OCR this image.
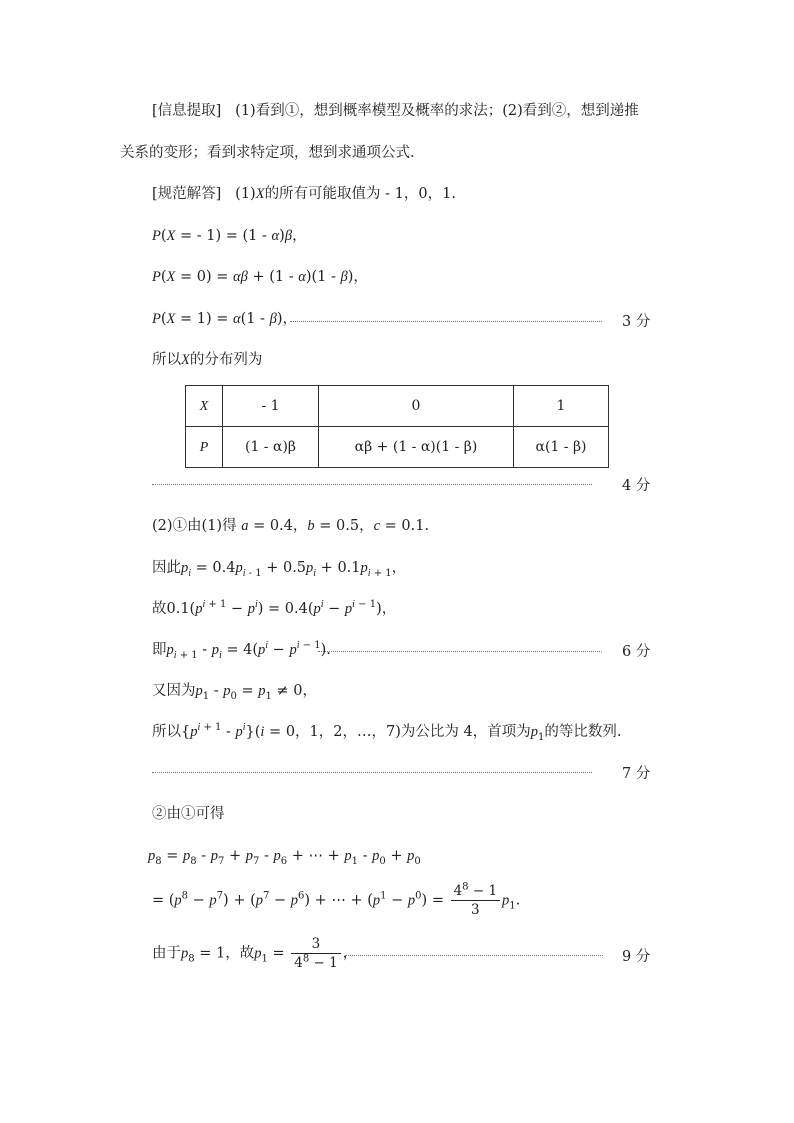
[信息提取] (1)看到①，想到概率模型及概率的求法；(2)看到②，想到递推
关系的变形；看到求特定项，想到求通项公式.
[规范解答] (1)X的所有可能取值为 - 1，0，1.
P(X = - 1) = (1 - α)β，
P(X = 0) = αβ + (1 - α)(1 - β)，
P(X = 1) = α(1 - β)，	3 分
所以X的分布列为
X	- 1	0	1
P	(1 - α)β	αβ + (1 - α)(1 - β)	α(1 - β)
4 分
(2)①由(1)得 a = 0.4，b = 0.5，c = 0.1.
因此$p_i = 0.4p_{i - 1} + 0.5p_i + 0.1p_{i + 1}$，
故$0.1(p^{i + 1} - p^i) = 0.4(p^i - p^{i - 1})$，
即$p_{i + 1} - p_i = 4(p^i - p^{i - 1})$.	6 分
又因为$p_1 - p_0 = p_1 \ne 0$，
所以$\{p^{i + 1} - p^i\}(i = 0$，1，2，…，7)为公比为 4，首项为$p_1$的等比数列.
7 分
②由①可得
$p_8 = p_8 - p_7 + p_7 - p_6$ + ⋯ + $p_1 - p_0 + p_0$
= $(p^8 - p^7) + (p^7 - p^6)$ + ⋯ + $(p^1 - p^0) = \frac{4^8 - 1}{3} p_1$.
由于$p_8 = 1$，故$p_1 = \frac{3}{4^8 - 1}$ ，	9 分
